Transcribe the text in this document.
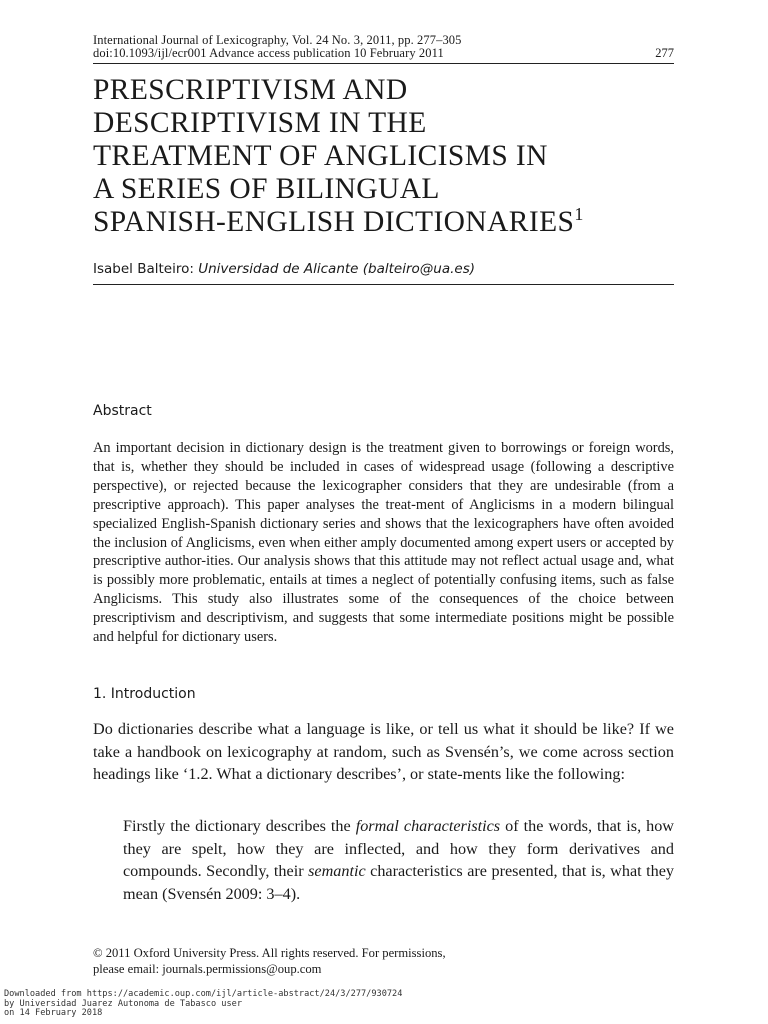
International Journal of Lexicography, Vol. 24 No. 3, 2011, pp. 277–305
doi:10.1093/ijl/ecr001 Advance access publication 10 February 2011	277
PRESCRIPTIVISM AND
DESCRIPTIVISM IN THE
TREATMENT OF ANGLICISMS IN
A SERIES OF BILINGUAL
SPANISH-ENGLISH DICTIONARIES$^1$
Isabel Balteiro: Universidad de Alicante (balteiro@ua.es)
Abstract
An important decision in dictionary design is the treatment given to borrowings or foreign words, that is, whether they should be included in cases of widespread usage (following a descriptive perspective), or rejected because the lexicographer considers that they are undesirable (from a prescriptive approach). This paper analyses the treat-ment of Anglicisms in a modern bilingual specialized English-Spanish dictionary series and shows that the lexicographers have often avoided the inclusion of Anglicisms, even when either amply documented among expert users or accepted by prescriptive author-ities. Our analysis shows that this attitude may not reflect actual usage and, what is possibly more problematic, entails at times a neglect of potentially confusing items, such as false Anglicisms. This study also illustrates some of the consequences of the choice between prescriptivism and descriptivism, and suggests that some intermediate positions might be possible and helpful for dictionary users.
1. Introduction
Do dictionaries describe what a language is like, or tell us what it should be like? If we take a handbook on lexicography at random, such as Svensén’s, we come across section headings like ‘1.2. What a dictionary describes’, or state-ments like the following:
Firstly the dictionary describes the formal characteristics of the words, that is, how they are spelt, how they are inflected, and how they form derivatives and compounds. Secondly, their semantic characteristics are presented, that is, what they mean (Svensén 2009: 3–4).
© 2011 Oxford University Press. All rights reserved. For permissions,
please email: journals.permissions@oup.com
Downloaded from https://academic.oup.com/ijl/article-abstract/24/3/277/930724
by Universidad Juarez Autonoma de Tabasco user
on 14 February 2018
